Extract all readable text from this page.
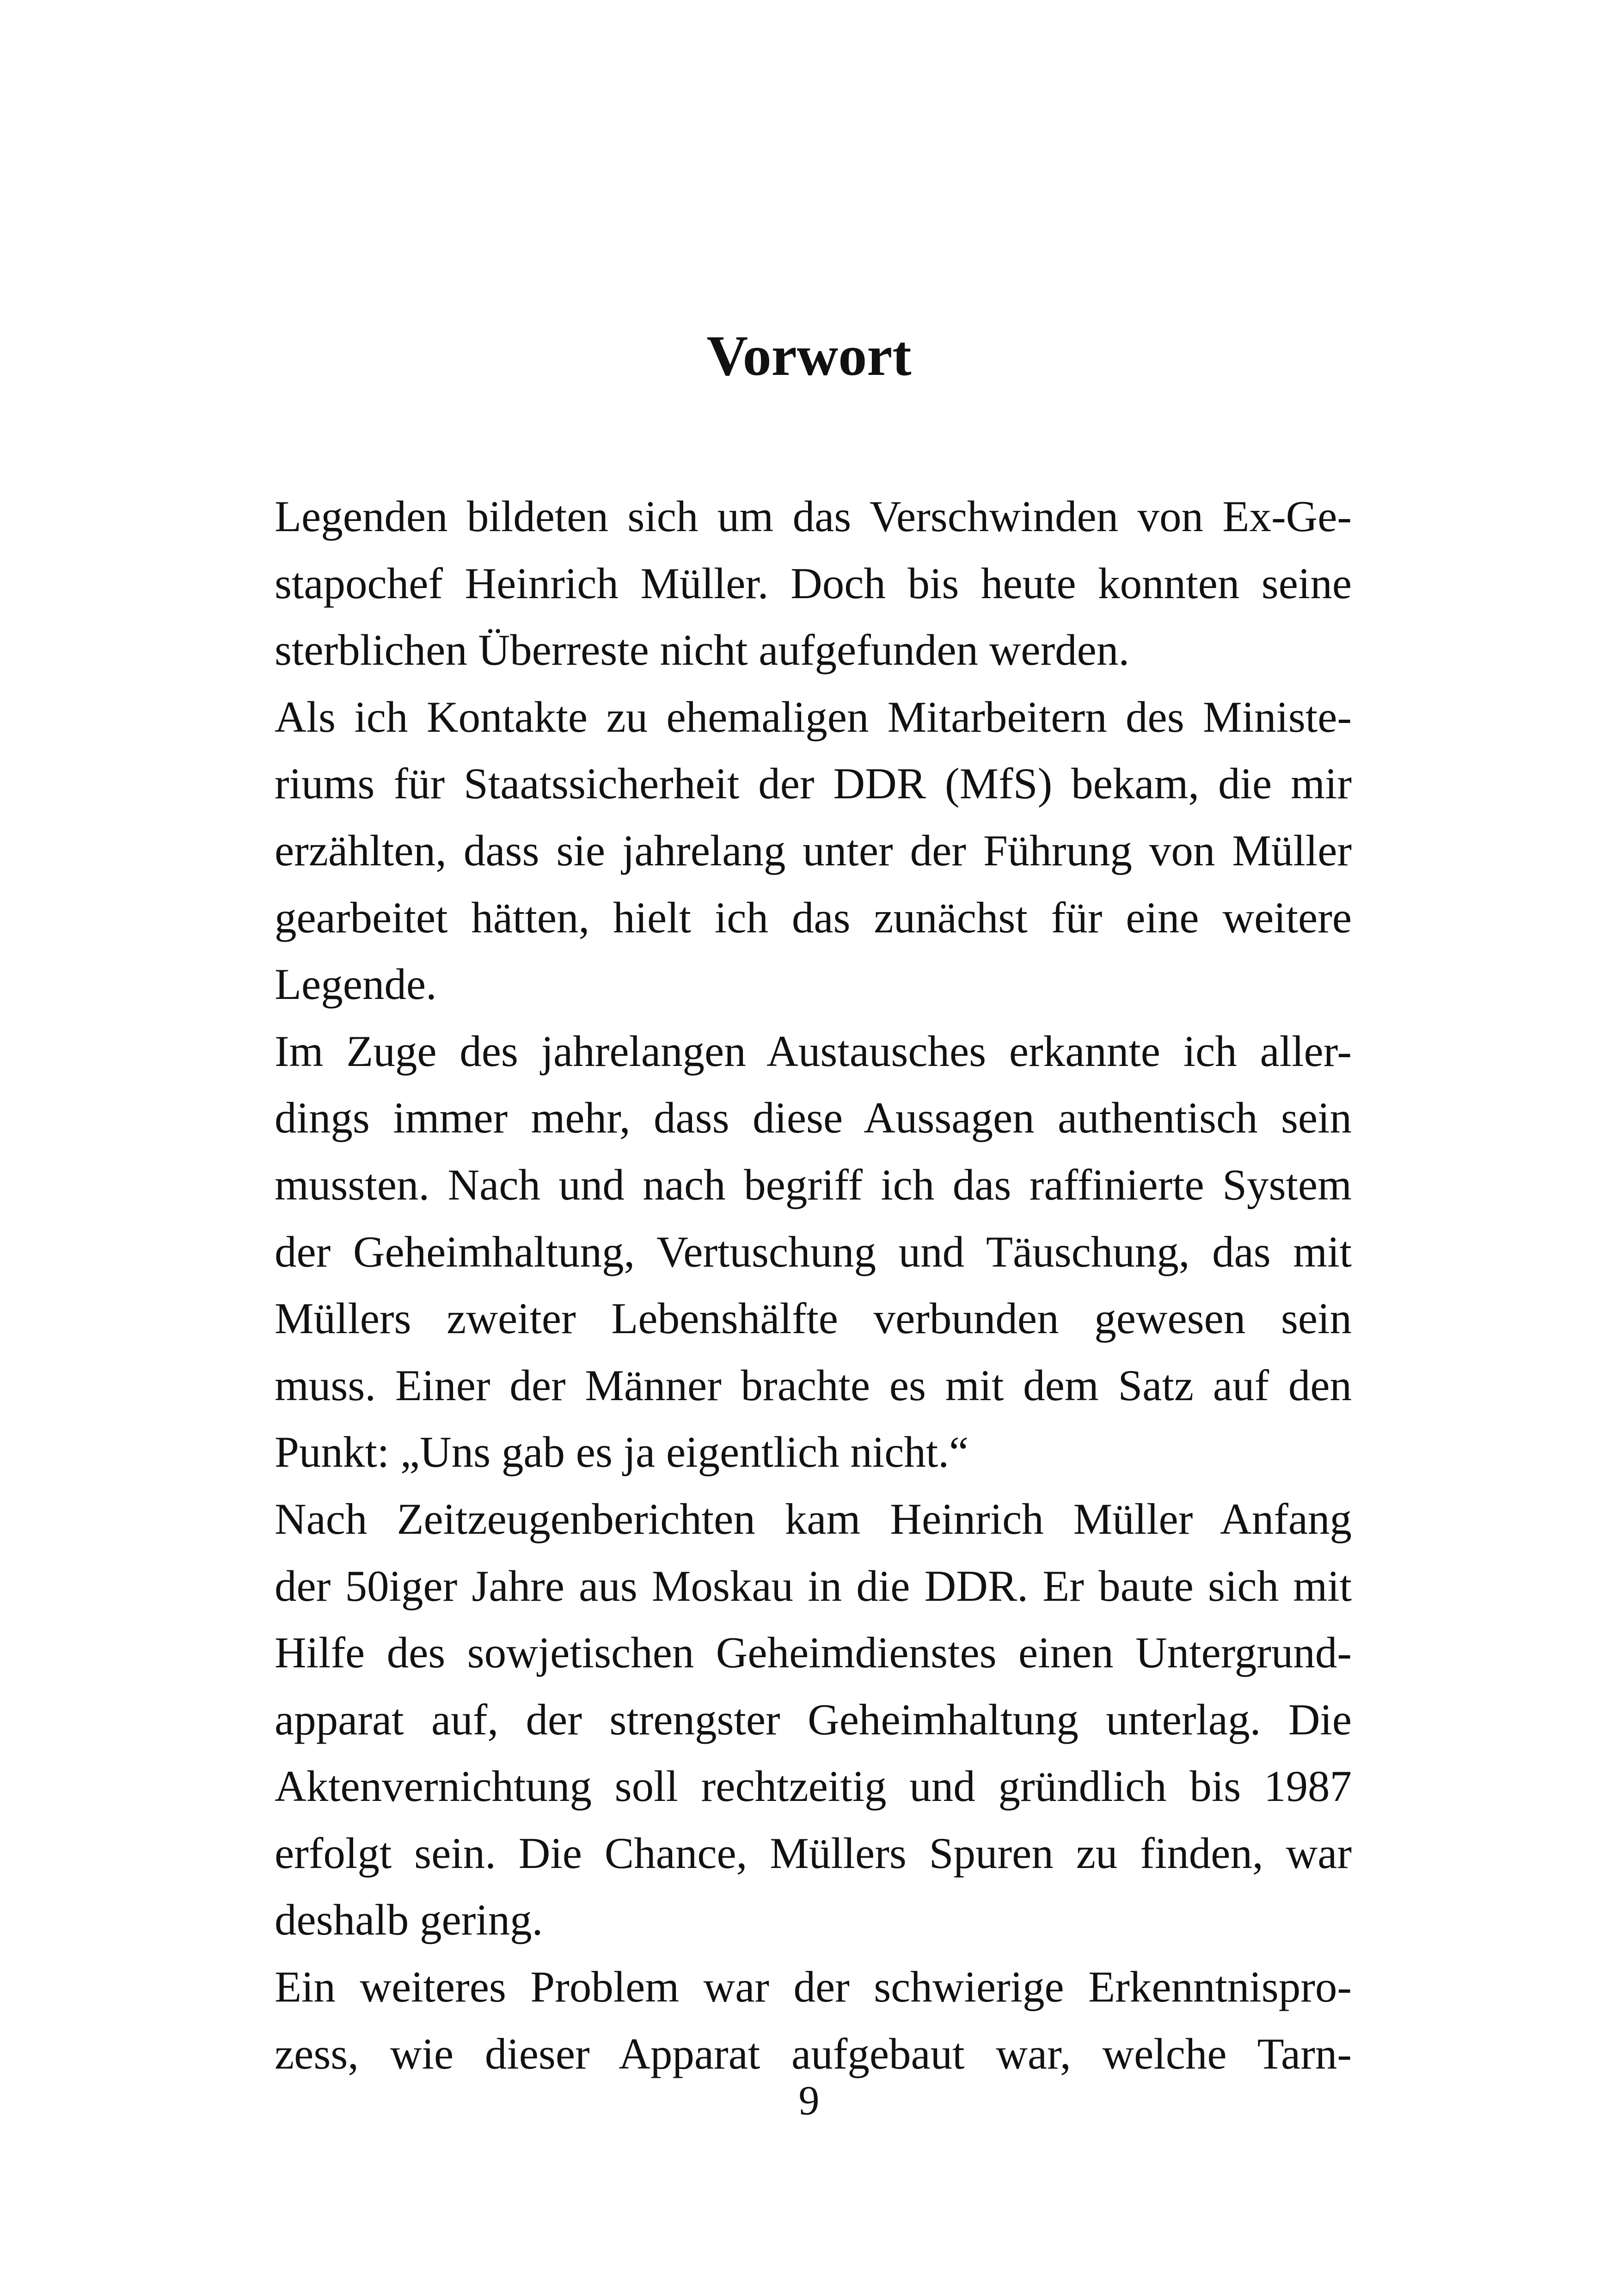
Vorwort
Legenden bildeten sich um das Verschwinden von Ex-Ge-
stapochef Heinrich Müller. Doch bis heute konnten seine
sterblichen Überreste nicht aufgefunden werden.
Als ich Kontakte zu ehemaligen Mitarbeitern des Ministe-
riums für Staatssicherheit der DDR (MfS) bekam, die mir
erzählten, dass sie jahrelang unter der Führung von Müller
gearbeitet hätten, hielt ich das zunächst für eine weitere
Legende.
Im Zuge des jahrelangen Austausches erkannte ich aller-
dings immer mehr, dass diese Aussagen authentisch sein
mussten. Nach und nach begriff ich das raffinierte System
der Geheimhaltung, Vertuschung und Täuschung, das mit
Müllers zweiter Lebenshälfte verbunden gewesen sein
muss. Einer der Männer brachte es mit dem Satz auf den
Punkt: „Uns gab es ja eigentlich nicht.“
Nach Zeitzeugenberichten kam Heinrich Müller Anfang
der 50iger Jahre aus Moskau in die DDR. Er baute sich mit
Hilfe des sowjetischen Geheimdienstes einen Untergrund-
apparat auf, der strengster Geheimhaltung unterlag. Die
Aktenvernichtung soll rechtzeitig und gründlich bis 1987
erfolgt sein. Die Chance, Müllers Spuren zu finden, war
deshalb gering.
Ein weiteres Problem war der schwierige Erkenntnispro-
zess, wie dieser Apparat aufgebaut war, welche Tarn-
9
